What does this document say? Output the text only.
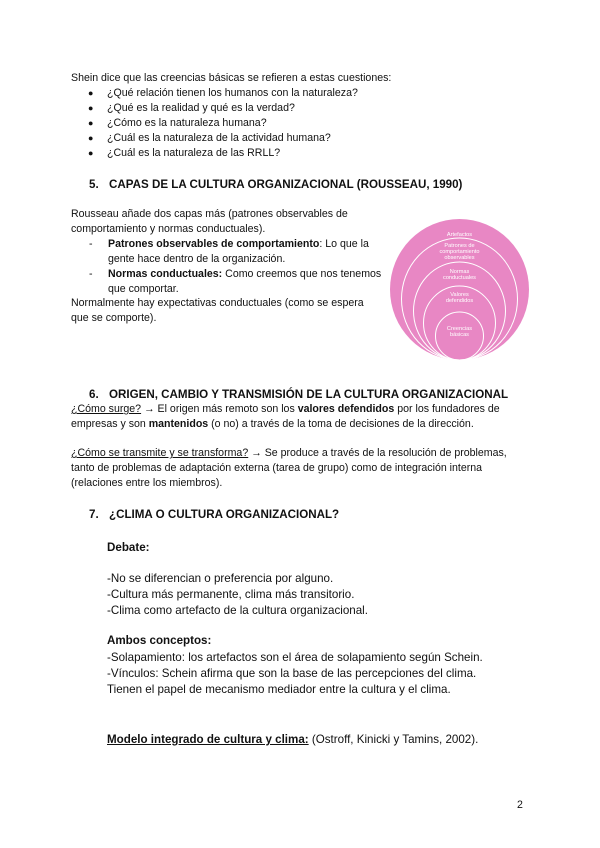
Shein dice que las creencias básicas se refieren a estas cuestiones:
● ¿Qué relación tienen los humanos con la naturaleza?
● ¿Qué es la realidad y qué es la verdad?
● ¿Cómo es la naturaleza humana?
● ¿Cuál es la naturaleza de la actividad humana?
● ¿Cuál es la naturaleza de las RRLL?
5. CAPAS DE LA CULTURA ORGANIZACIONAL (ROUSSEAU, 1990)
Rousseau añade dos capas más (patrones observables de comportamiento y normas conductuales).
- Patrones observables de comportamiento: Lo que la gente hace dentro de la organización.
- Normas conductuales: Como creemos que nos tenemos que comportar.
Normalmente hay expectativas conductuales (como se espera que se comporte).
Artefactos
Patrones de comportamiento observables
Normas conductuales
Valores defendidos
Creencias básicas
6. ORIGEN, CAMBIO Y TRANSMISIÓN DE LA CULTURA ORGANIZACIONAL
¿Cómo surge? → El origen más remoto son los valores defendidos por los fundadores de empresas y son mantenidos (o no) a través de la toma de decisiones de la dirección.
¿Cómo se transmite y se transforma? → Se produce a través de la resolución de problemas, tanto de problemas de adaptación externa (tarea de grupo) como de integración interna (relaciones entre los miembros).
7. ¿CLIMA O CULTURA ORGANIZACIONAL?
Debate:
-No se diferencian o preferencia por alguno.
-Cultura más permanente, clima más transitorio.
-Clima como artefacto de la cultura organizacional.
Ambos conceptos:
-Solapamiento: los artefactos son el área de solapamiento según Schein.
-Vínculos: Schein afirma que son la base de las percepciones del clima.
Tienen el papel de mecanismo mediador entre la cultura y el clima.
Modelo integrado de cultura y clima: (Ostroff, Kinicki y Tamins, 2002).
2
